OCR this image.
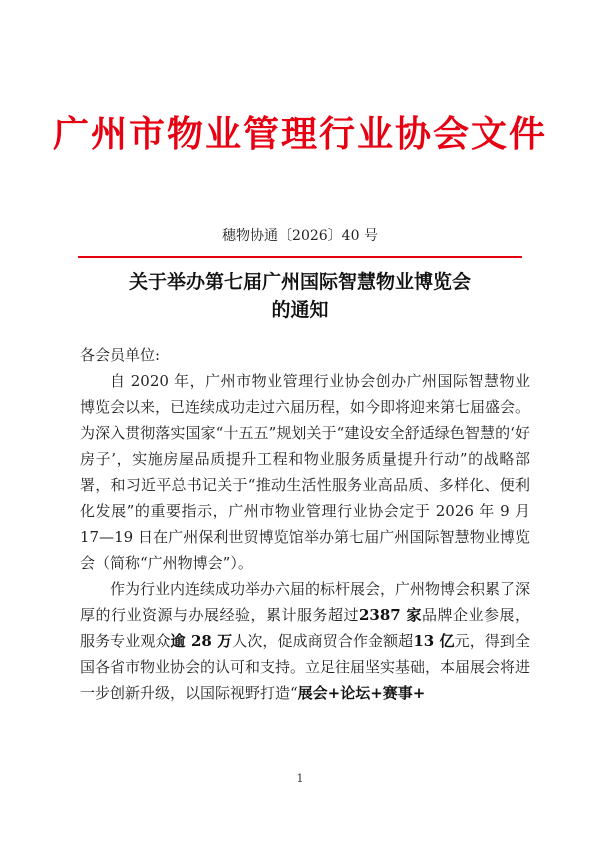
广州市物业管理行业协会文件
穗物协通〔2026〕40 号
关于举办第七届广州国际智慧物业博览会
的通知

各会员单位:

自 2020 年，广州市物业管理行业协会创办广州国际智慧物业博览会以来，已连续成功走过六届历程，如今即将迎来第七届盛会。为深入贯彻落实国家“十五五”规划关于“建设安全舒适绿色智慧的‘好房子’，实施房屋品质提升工程和物业服务质量提升行动”的战略部署，和习近平总书记关于“推动生活性服务业高品质、多样化、便利化发展”的重要指示，广州市物业管理行业协会定于 2026 年 9 月 17—19 日在广州保利世贸博览馆举办第七届广州国际智慧物业博览会（简称“广州物博会”）。

作为行业内连续成功举办六届的标杆展会，广州物博会积累了深厚的行业资源与办展经验，累计服务超过2387 家品牌企业参展，服务专业观众逾 28 万人次，促成商贸合作金额超13 亿元，得到全国各省市物业协会的认可和支持。立足往届坚实基础，本届展会将进一步创新升级，以国际视野打造“展会+论坛+赛事+

1
